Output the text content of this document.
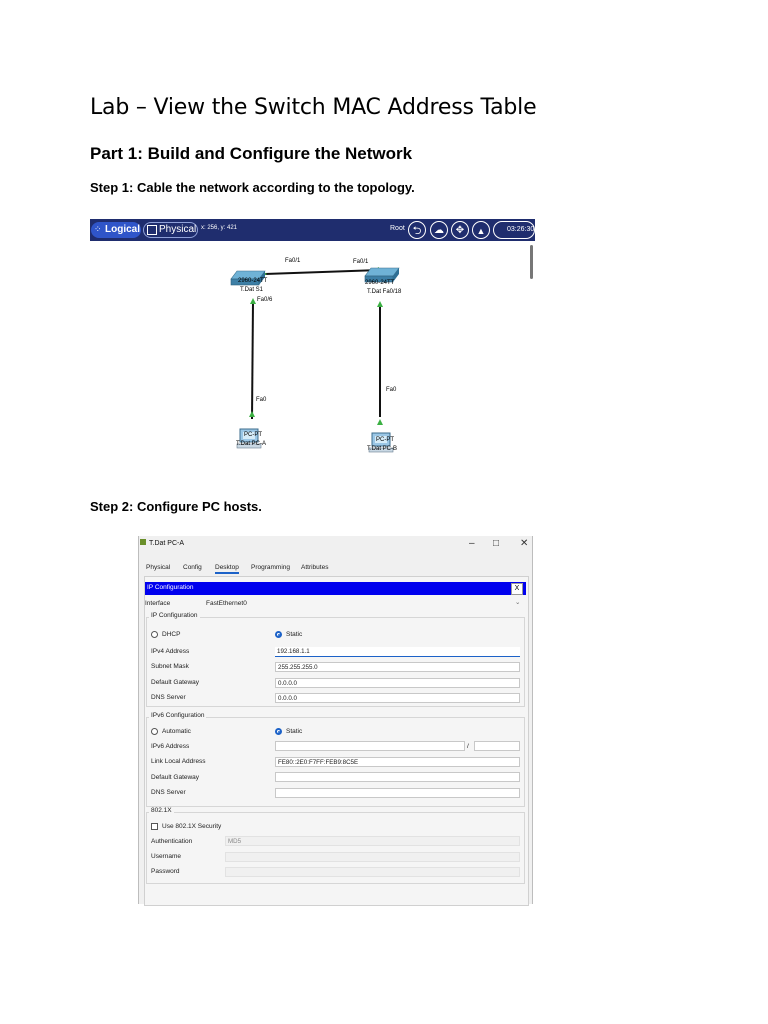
Lab – View the Switch MAC Address Table
Part 1: Build and Configure the Network

Step 1: Cable the network according to the topology.

⁘ Logical Physical x: 256, y: 421	Root ⮌	☁	✥	▲	03:26:30
Fa0/1	Fa0/1
2960-24TT
T.Dat S1
Fa0/6
2960-24TT
T.Dat Fa0/18
Fa0
Fa0
PC-PT
T.Dat PC-A
PC-PT
T.Dat PC-B

Step 2: Configure PC hosts.

T.Dat PC-A	– □ ✕
Physical Config Desktop Programming Attributes
IP Configuration	X
Interface	FastEthernet0	⌄
IP Configuration
DHCP	Static
IPv4 Address	192.168.1.1
Subnet Mask	255.255.255.0
Default Gateway	0.0.0.0
DNS Server	0.0.0.0
IPv6 Configuration
Automatic	Static
IPv6 Address	/
Link Local Address	FE80::2E0:F7FF:FEB9:8C5E
Default Gateway
DNS Server
802.1X
Use 802.1X Security
Authentication	MD5
Username
Password
